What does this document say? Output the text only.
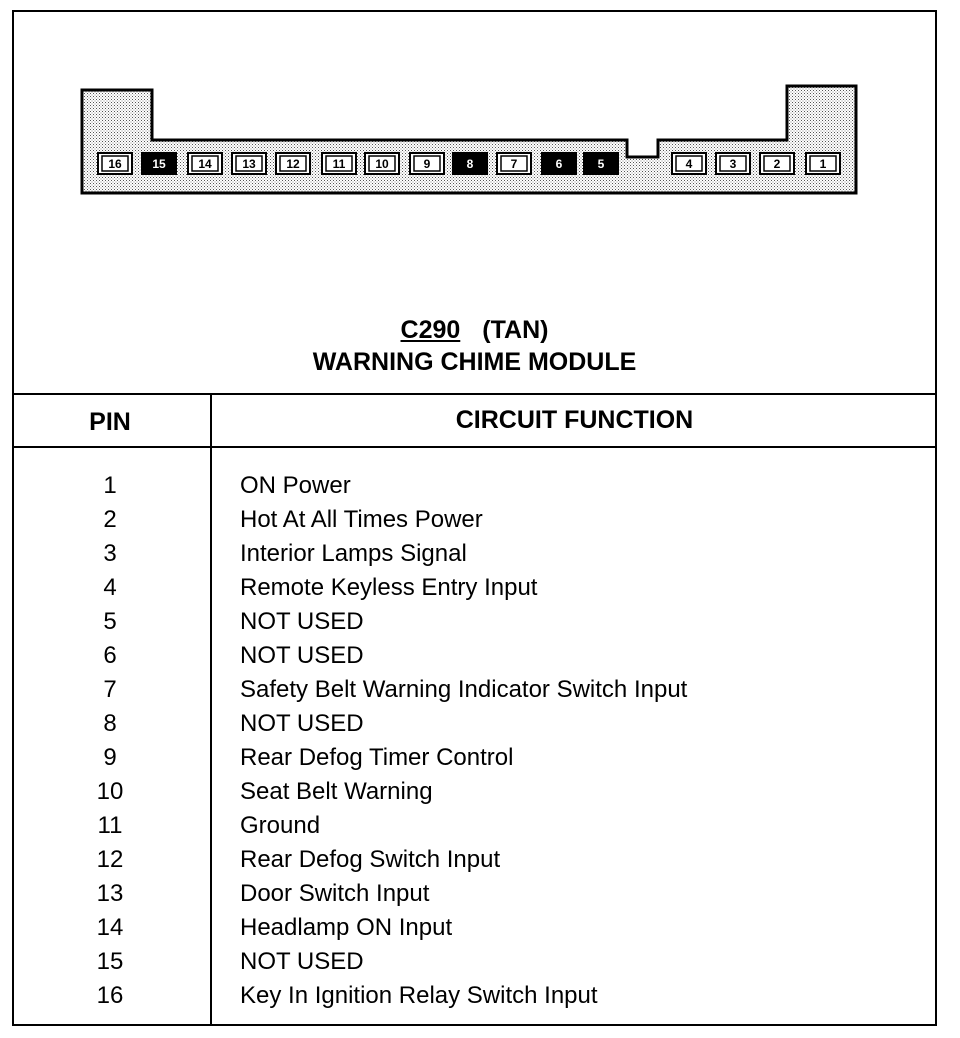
16	15	14	13	12	11 10	9	8	7	6	5	4	3	2	1
C290 (TAN)
WARNING CHIME MODULE
PIN	CIRCUIT FUNCTION
1	ON Power
2	Hot At All Times Power
3	Interior Lamps Signal
4	Remote Keyless Entry Input
5	NOT USED
6	NOT USED
7	Safety Belt Warning Indicator Switch Input
8	NOT USED
9	Rear Defog Timer Control
10	Seat Belt Warning
11	Ground
12	Rear Defog Switch Input
13	Door Switch Input
14	Headlamp ON Input
15	NOT USED
16	Key In Ignition Relay Switch Input
